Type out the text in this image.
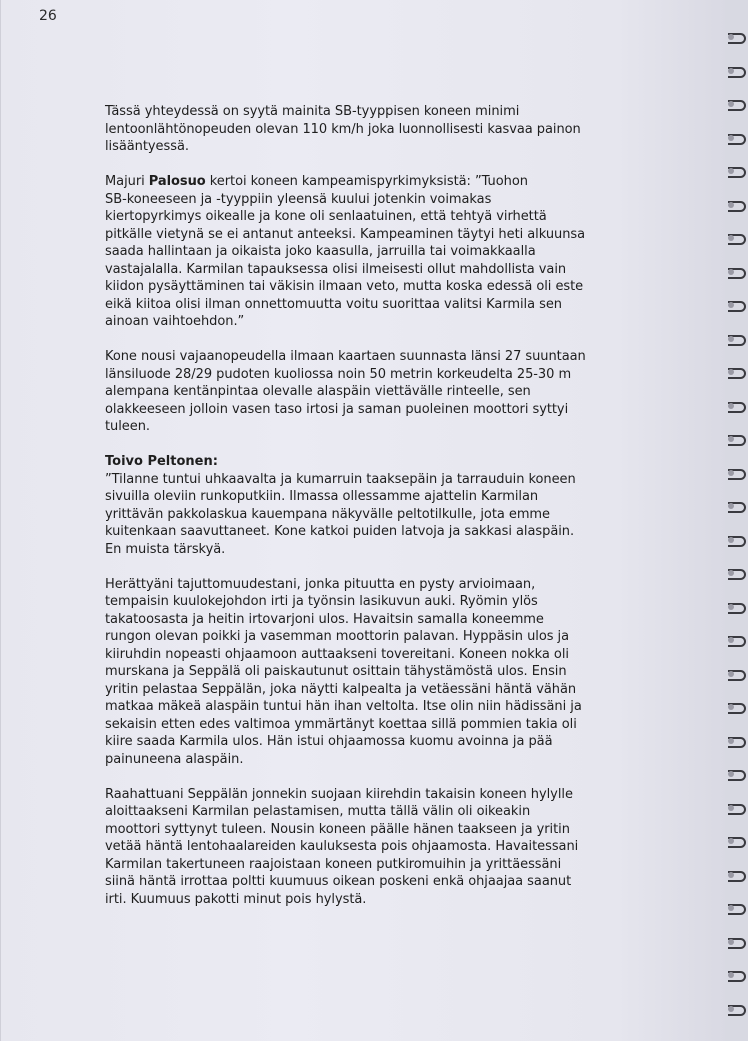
26
Tässä yhteydessä on syytä mainita SB-tyyppisen koneen minimi
lentoonlähtönopeuden olevan 110 km/h joka luonnollisesti kasvaa painon
lisääntyessä.
Majuri Palosuo kertoi koneen kampeamispyrkimyksistä: ”Tuohon
SB-koneeseen ja -tyyppiin yleensä kuului jotenkin voimakas
kiertopyrkimys oikealle ja kone oli senlaatuinen, että tehtyä virhettä
pitkälle vietynä se ei antanut anteeksi. Kampeaminen täytyi heti alkuunsa
saada hallintaan ja oikaista joko kaasulla, jarruilla tai voimakkaalla
vastajalalla. Karmilan tapauksessa olisi ilmeisesti ollut mahdollista vain
kiidon pysäyttäminen tai väkisin ilmaan veto, mutta koska edessä oli este
eikä kiitoa olisi ilman onnettomuutta voitu suorittaa valitsi Karmila sen
ainoan vaihtoehdon.”
Kone nousi vajaanopeudella ilmaan kaartaen suunnasta länsi 27 suuntaan
länsiluode 28/29 pudoten kuoliossa noin 50 metrin korkeudelta 25-30 m
alempana kentänpintaa olevalle alaspäin viettävälle rinteelle, sen
olakkeeseen jolloin vasen taso irtosi ja saman puoleinen moottori syttyi
tuleen.
Toivo Peltonen:
”Tilanne tuntui uhkaavalta ja kumarruin taaksepäin ja tarrauduin koneen
sivuilla oleviin runkoputkiin. Ilmassa ollessamme ajattelin Karmilan
yrittävän pakkolaskua kauempana näkyvälle peltotilkulle, jota emme
kuitenkaan saavuttaneet. Kone katkoi puiden latvoja ja sakkasi alaspäin.
En muista tärskyä.
Herättyäni tajuttomuudestani, jonka pituutta en pysty arvioimaan,
tempaisin kuulokejohdon irti ja työnsin lasikuvun auki. Ryömin ylös
takatoosasta ja heitin irtovarjoni ulos. Havaitsin samalla koneemme
rungon olevan poikki ja vasemman moottorin palavan. Hyppäsin ulos ja
kiiruhdin nopeasti ohjaamoon auttaakseni tovereitani. Koneen nokka oli
murskana ja Seppälä oli paiskautunut osittain tähystämöstä ulos. Ensin
yritin pelastaa Seppälän, joka näytti kalpealta ja vetäessäni häntä vähän
matkaa mäkeä alaspäin tuntui hän ihan veltolta. Itse olin niin hädissäni ja
sekaisin etten edes valtimoa ymmärtänyt koettaa sillä pommien takia oli
kiire saada Karmila ulos. Hän istui ohjaamossa kuomu avoinna ja pää
painuneena alaspäin.
Raahattuani Seppälän jonnekin suojaan kiirehdin takaisin koneen hylylle
aloittaakseni Karmilan pelastamisen, mutta tällä välin oli oikeakin
moottori syttynyt tuleen. Nousin koneen päälle hänen taakseen ja yritin
vetää häntä lentohaalareiden kauluksesta pois ohjaamosta. Havaitessani
Karmilan takertuneen raajoistaan koneen putkiromuihin ja yrittäessäni
siinä häntä irrottaa poltti kuumuus oikean poskeni enkä ohjaajaa saanut
irti. Kuumuus pakotti minut pois hylystä.
